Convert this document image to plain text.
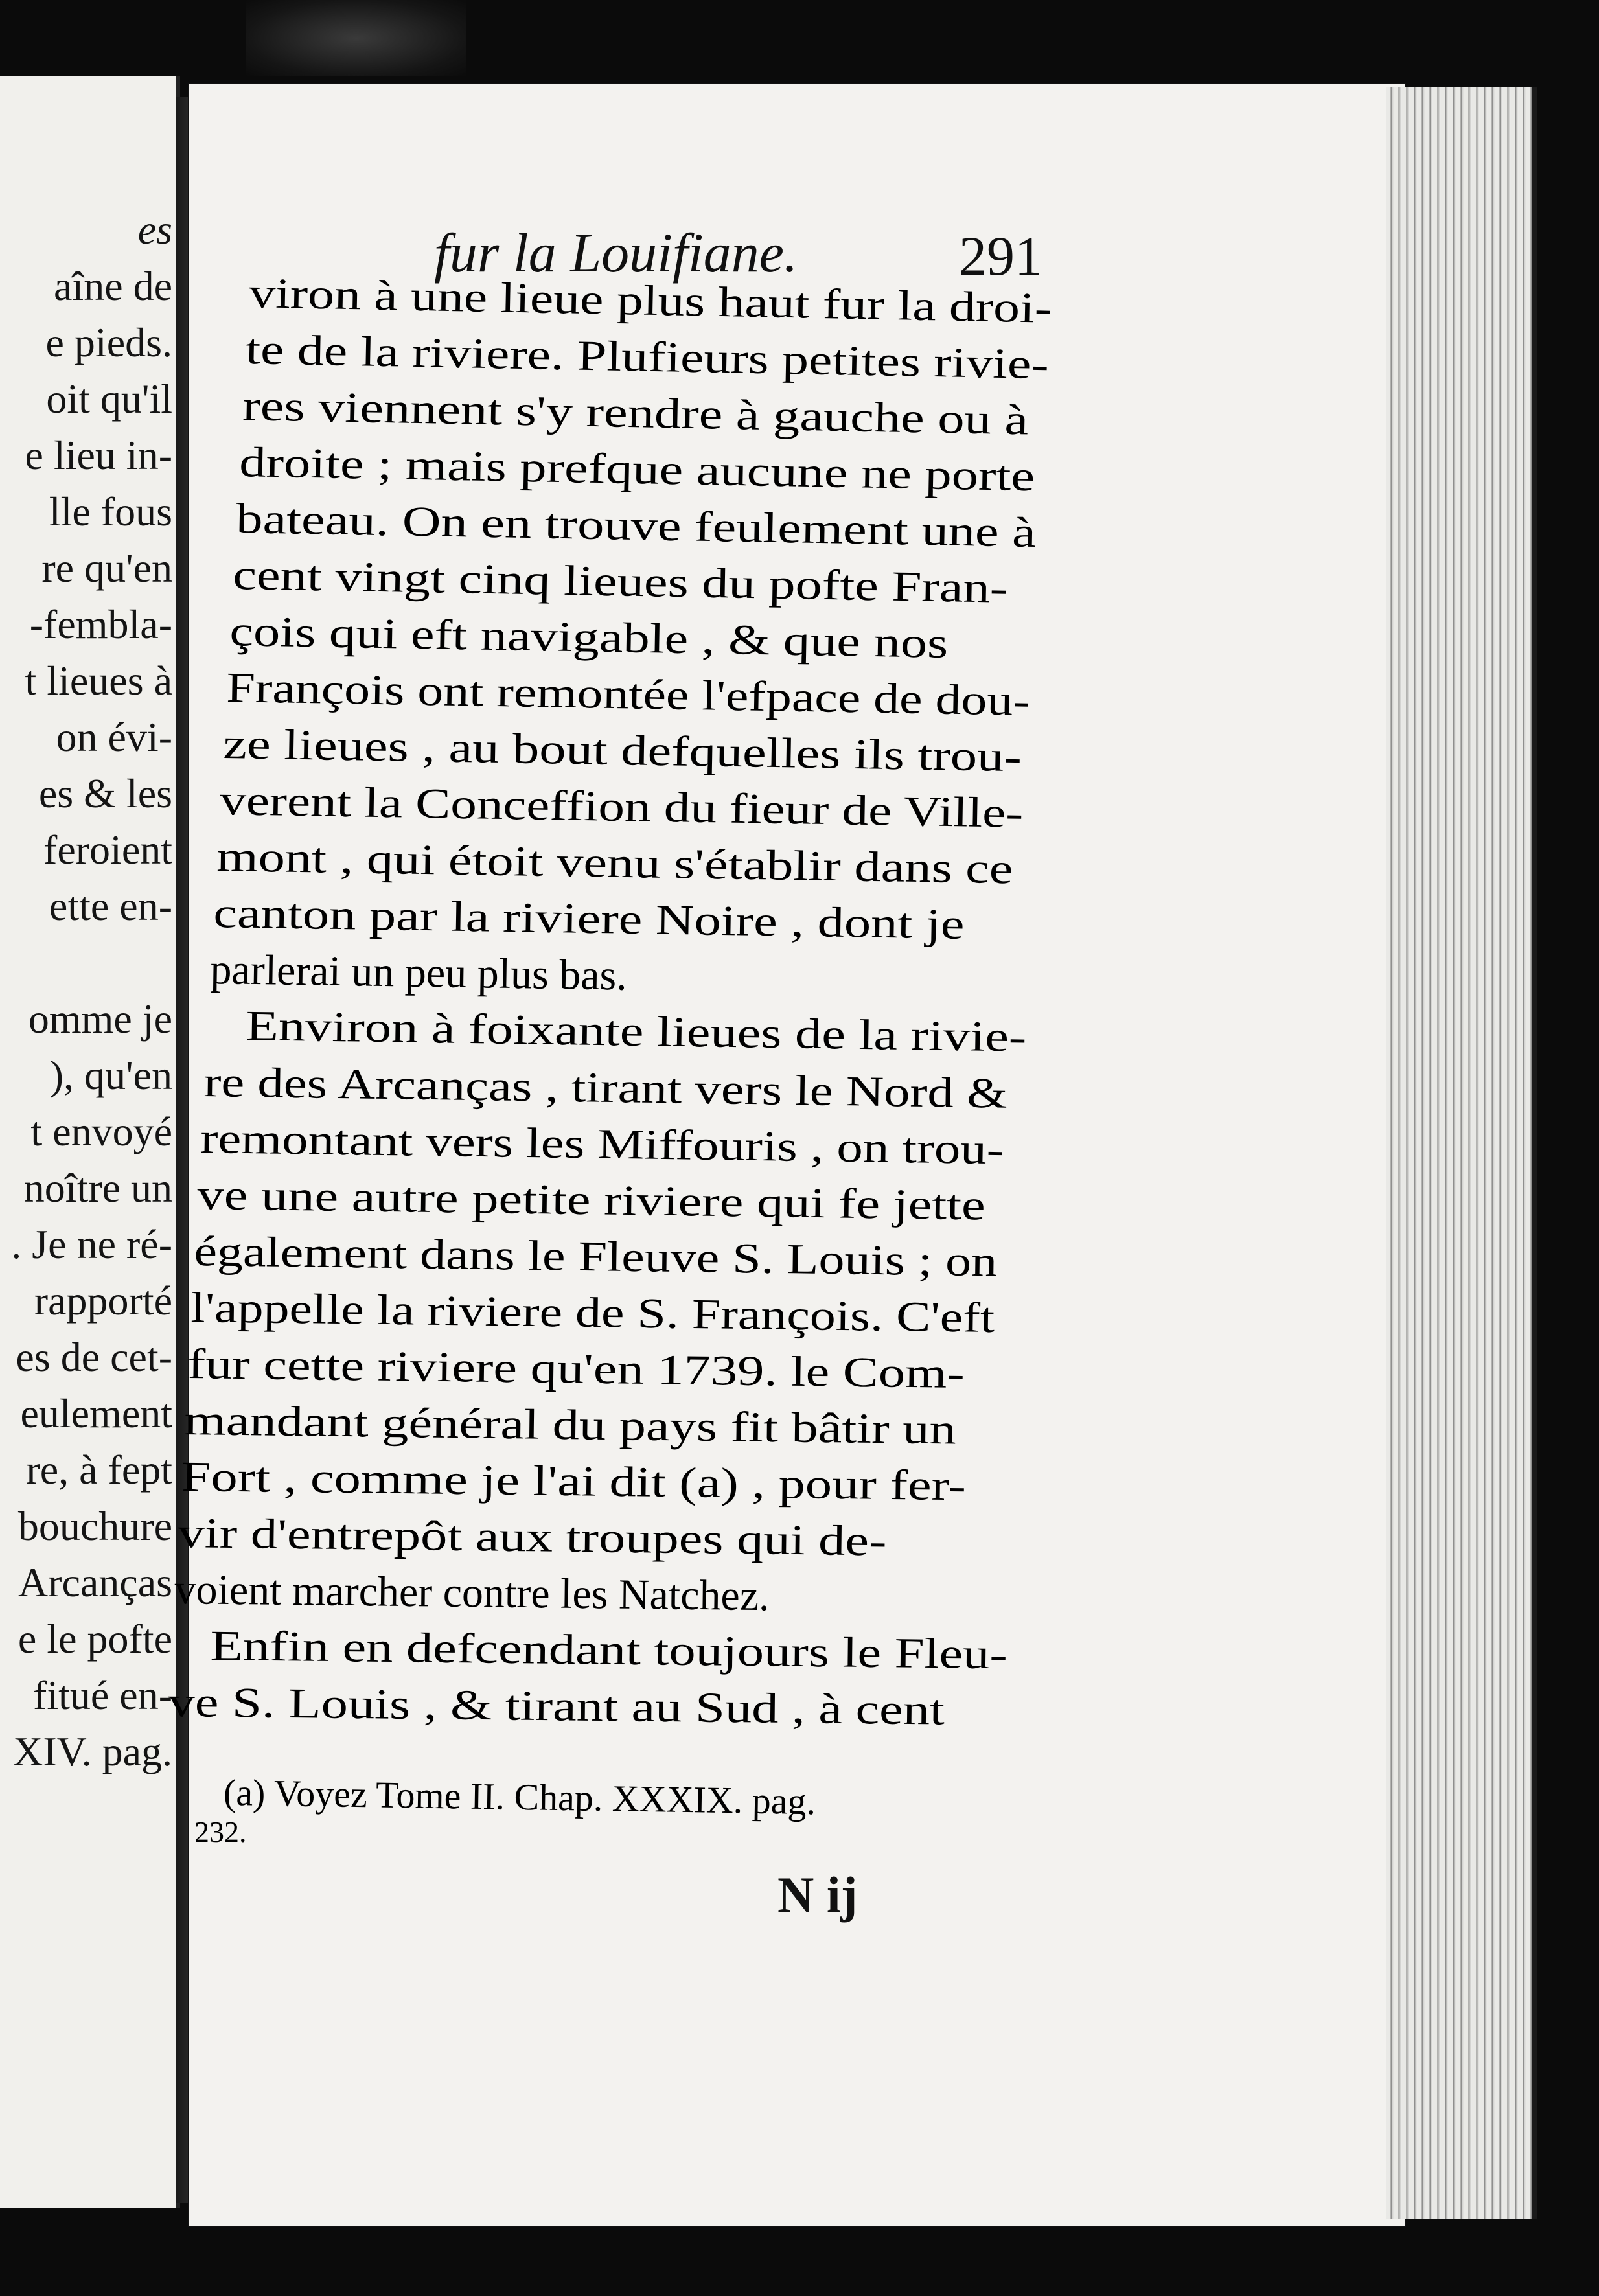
es
aîne de
e pieds.
oit qu'il
e lieu in-
lle fous
re qu'en
-fembla-
t lieues à
on évi-
es & les
feroient
ette en-
omme je
), qu'en
t envoyé
noître un
. Je ne ré-
rapporté
es de cet-
eulement
re, à fept
bouchure
Arcanças
e le pofte
fitué en-
XIV. pag.
fur la Louifiane.	291
viron à une lieue plus haut fur la droi-
te de la riviere. Plufieurs petites rivie-
res viennent s'y rendre à gauche ou à
droite ; mais prefque aucune ne porte
bateau. On en trouve feulement une à
cent vingt cinq lieues du pofte Fran-
çois qui eft navigable , & que nos
François ont remontée l'efpace de dou-
ze lieues , au bout defquelles ils trou-
verent la Conceffion du fieur de Ville-
mont , qui étoit venu s'établir dans ce
canton par la riviere Noire , dont je
parlerai un peu plus bas.
Environ à foixante lieues de la rivie-
re des Arcanças , tirant vers le Nord &
remontant vers les Miffouris , on trou-
ve une autre petite riviere qui fe jette
également dans le Fleuve S. Louis ; on
l'appelle la riviere de S. François. C'eft
fur cette riviere qu'en 1739. le Com-
mandant général du pays fit bâtir un
Fort , comme je l'ai dit (a) , pour fer-
vir d'entrepôt aux troupes qui de-
voient marcher contre les Natchez.
Enfin en defcendant toujours le Fleu-
ve S. Louis , & tirant au Sud , à cent
(a) Voyez Tome II. Chap. XXXIX. pag.
232.
N ij
